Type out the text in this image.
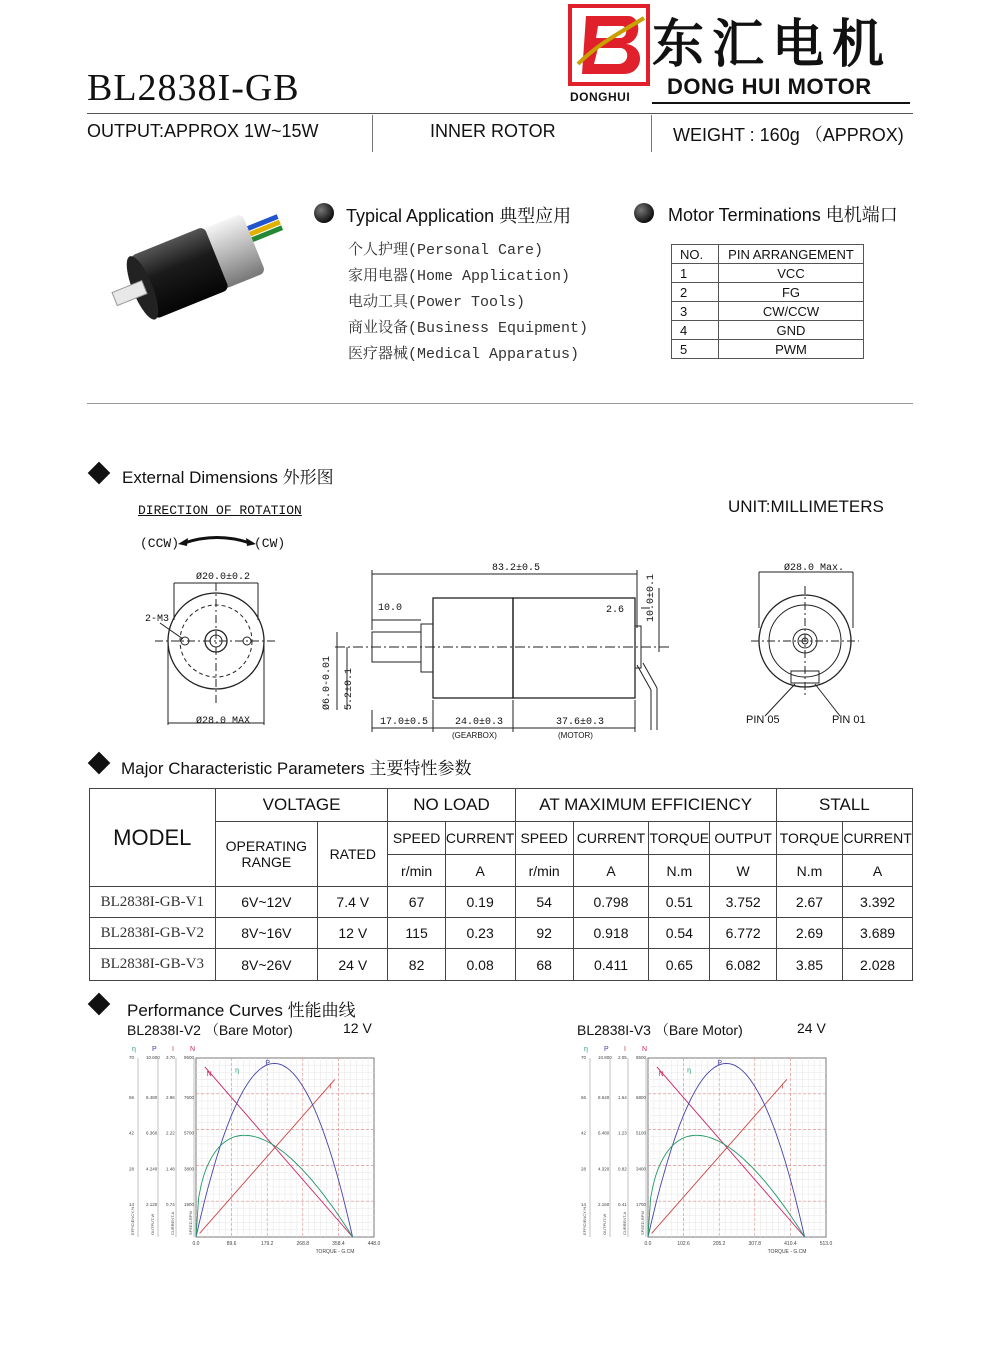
BL2838I-GB	DONGHUI
东汇电机
DONG HUI MOTOR
OUTPUT:APPROX 1W~15W	INNER ROTOR	WEIGHT : 160g （APPROX)
Typical Application 典型应用
个人护理(Personal Care)
家用电器(Home Application)
电动工具(Power Tools)
商业设备(Business Equipment)
医疗器械(Medical Apparatus)
Motor Terminations 电机端口
NO.	PIN ARRANGEMENT
1	VCC
2	FG
3	CW/CCW
4	GND
5	PWM
External Dimensions 外形图
UNIT:MILLIMETERS
DIRECTION OF ROTATION
(CCW)	(CW)
Ø20.0±0.2
2-M3
Ø28.0 MAX
83.2±0.5
10.0	2.6 10.0±0.1
Ø6.0-0.01 5.2±0.1
17.0±0.5	24.0±0.3
(GEARBOX)
37.6±0.3
(MOTOR)
Ø28.0 Max.
PIN 05	PIN 01
Major Characteristic Parameters 主要特性参数
MODEL	VOLTAGE		NO LOAD		AT MAXIMUM EFFICIENCY				STALL	
	OPERATING RANGE	RATED	SPEED	CURRENT	SPEED	CURRENT	TORQUE	OUTPUT	TORQUE	CURRENT
			r/min	A	r/min	A	N.m	W	N.m	A
BL2838I-GB-V1	6V~12V	7.4 V	67	0.19	54	0.798	0.51	3.752	2.67	3.392
BL2838I-GB-V2	8V~16V	12 V	115	0.23	92	0.918	0.54	6.772	2.69	3.689
BL2838I-GB-V3	8V~26V	24 V	82	0.08	68	0.411	0.65	6.082	3.85	2.028
Performance Curves 性能曲线
BL2838I-V2 （Bare Motor)	12 V	BL2838I-V3 （Bare Motor)	24 V
η P I N
70
56
42
28
14
10.600
8.480
6.360
4.240
2.120
3.70
2.96
2.22
1.48
0.74
9500
7600
5700
3800
1900
EFFICIENCY-%	OUTPUT-W	CURRENT-A	SPEED-RPM
0.0	89.6	179.2	268.8	358.4	448.0
TORQUE - G.CM
N
η
P
I
η P I N
70
56
42
28
14
10.800
8.640
6.480
4.320
2.160
2.05
1.64
1.23
0.82
0.41
8500
6800
5100
3400
1700
EFFICIENCY-%	OUTPUT-W	CURRENT-A	SPEED-RPM
0.0	102.6	205.2	307.8	410.4	513.0
TORQUE - G.CM
N
η
P
I
